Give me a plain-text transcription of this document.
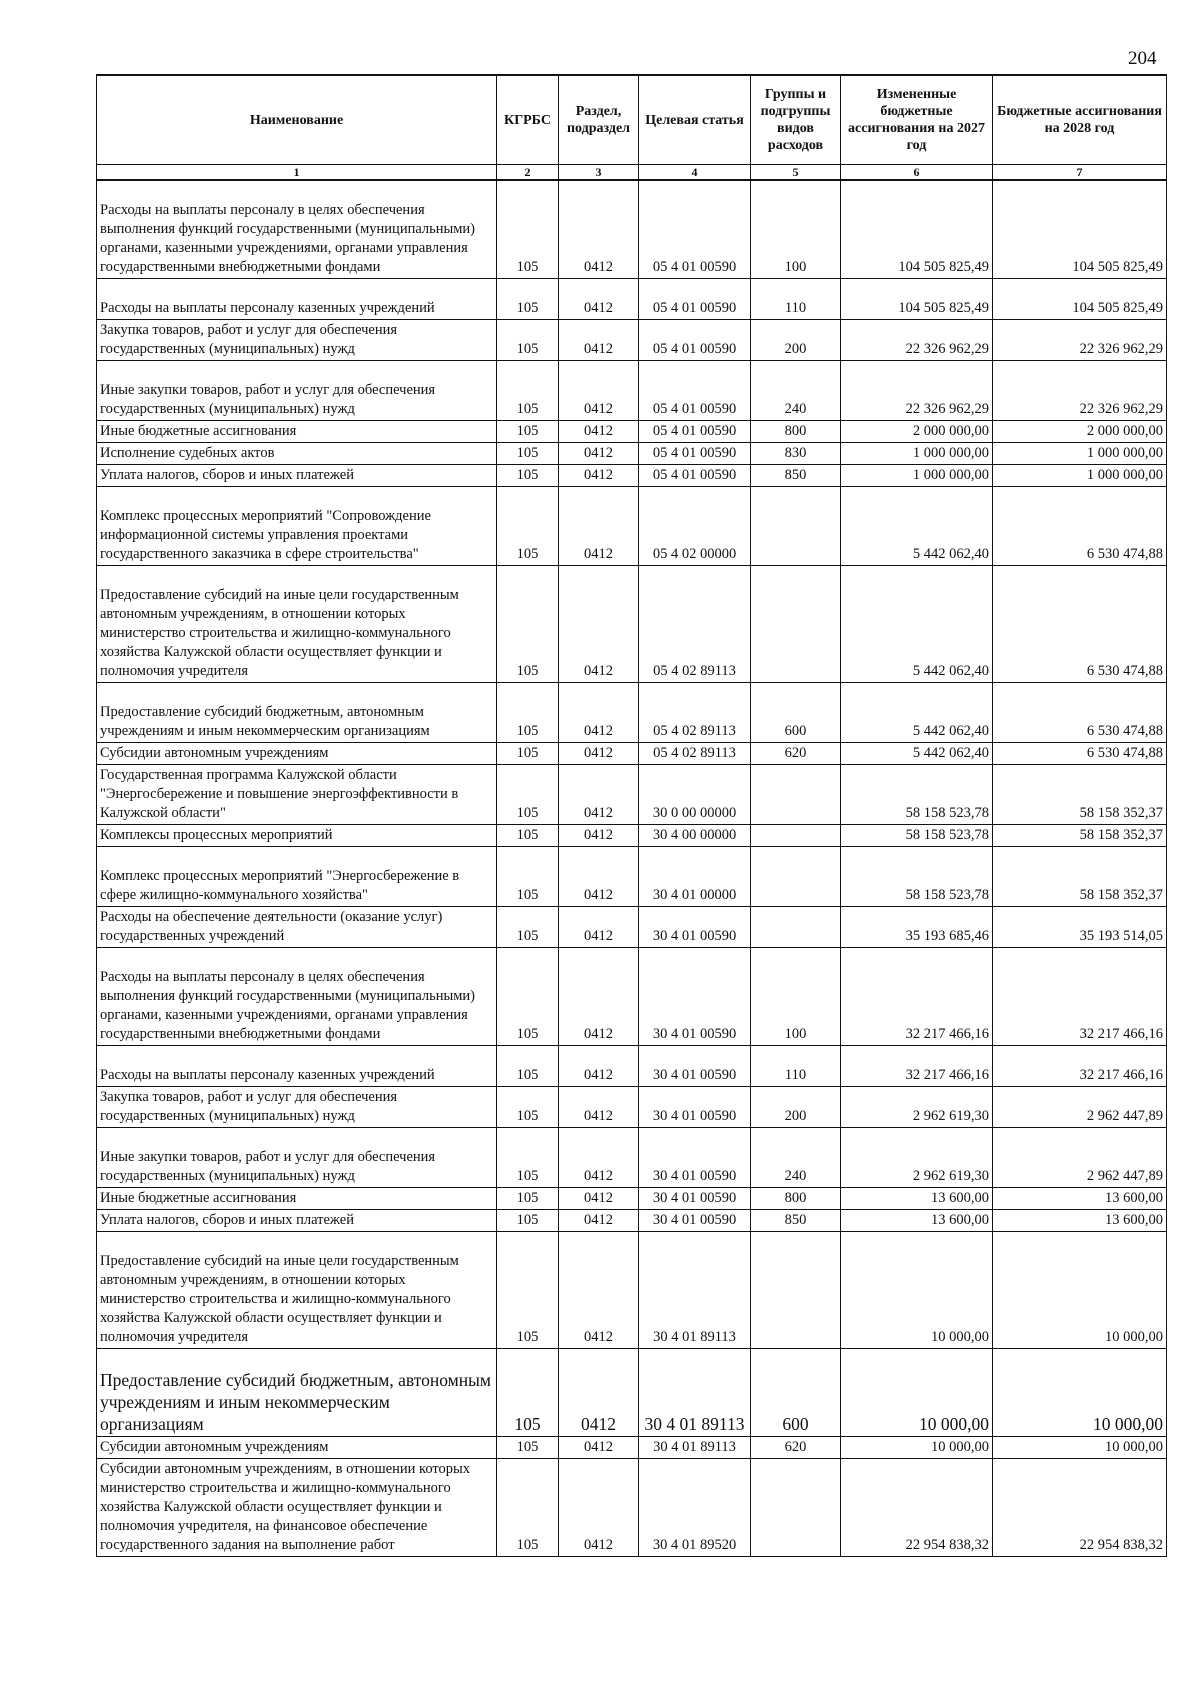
204
Наименование	КГРБС	Раздел, подраздел	Целевая статья	Группы и подгруппы видов расходов	Измененные бюджетные ассигнования на 2027 год	Бюджетные ассигнования на 2028 год
1	2	3	4	5	6	7
Расходы на выплаты персоналу в целях обеспечения выполнения функций государственными (муниципальными) органами, казенными учреждениями, органами управления государственными внебюджетными фондами	105	0412	05 4 01 00590	100	104 505 825,49	104 505 825,49
Расходы на выплаты персоналу казенных учреждений	105	0412	05 4 01 00590	110	104 505 825,49	104 505 825,49
Закупка товаров, работ и услуг для обеспечения государственных (муниципальных) нужд	105	0412	05 4 01 00590	200	22 326 962,29	22 326 962,29
Иные закупки товаров, работ и услуг для обеспечения государственных (муниципальных) нужд	105	0412	05 4 01 00590	240	22 326 962,29	22 326 962,29
Иные бюджетные ассигнования	105	0412	05 4 01 00590	800	2 000 000,00	2 000 000,00
Исполнение судебных актов	105	0412	05 4 01 00590	830	1 000 000,00	1 000 000,00
Уплата налогов, сборов и иных платежей	105	0412	05 4 01 00590	850	1 000 000,00	1 000 000,00
Комплекс процессных мероприятий "Сопровождение информационной системы управления проектами государственного заказчика в сфере строительства"	105	0412	05 4 02 00000		5 442 062,40	6 530 474,88
Предоставление субсидий на иные цели государственным автономным учреждениям, в отношении которых министерство строительства и жилищно-коммунального хозяйства Калужской области осуществляет функции и полномочия учредителя	105	0412	05 4 02 89113		5 442 062,40	6 530 474,88
Предоставление субсидий бюджетным, автономным учреждениям и иным некоммерческим организациям	105	0412	05 4 02 89113	600	5 442 062,40	6 530 474,88
Субсидии автономным учреждениям	105	0412	05 4 02 89113	620	5 442 062,40	6 530 474,88
Государственная программа Калужской области "Энергосбережение и повышение энергоэффективности в Калужской области"	105	0412	30 0 00 00000		58 158 523,78	58 158 352,37
Комплексы процессных мероприятий	105	0412	30 4 00 00000		58 158 523,78	58 158 352,37
Комплекс процессных мероприятий "Энергосбережение в сфере жилищно-коммунального хозяйства"	105	0412	30 4 01 00000		58 158 523,78	58 158 352,37
Расходы на обеспечение деятельности (оказание услуг) государственных учреждений	105	0412	30 4 01 00590		35 193 685,46	35 193 514,05
Расходы на выплаты персоналу в целях обеспечения выполнения функций государственными (муниципальными) органами, казенными учреждениями, органами управления государственными внебюджетными фондами	105	0412	30 4 01 00590	100	32 217 466,16	32 217 466,16
Расходы на выплаты персоналу казенных учреждений	105	0412	30 4 01 00590	110	32 217 466,16	32 217 466,16
Закупка товаров, работ и услуг для обеспечения государственных (муниципальных) нужд	105	0412	30 4 01 00590	200	2 962 619,30	2 962 447,89
Иные закупки товаров, работ и услуг для обеспечения государственных (муниципальных) нужд	105	0412	30 4 01 00590	240	2 962 619,30	2 962 447,89
Иные бюджетные ассигнования	105	0412	30 4 01 00590	800	13 600,00	13 600,00
Уплата налогов, сборов и иных платежей	105	0412	30 4 01 00590	850	13 600,00	13 600,00
Предоставление субсидий на иные цели государственным автономным учреждениям, в отношении которых министерство строительства и жилищно-коммунального хозяйства Калужской области осуществляет функции и полномочия учредителя	105	0412	30 4 01 89113		10 000,00	10 000,00
Предоставление субсидий бюджетным, автономным учреждениям и иным некоммерческим организациям	105	0412	30 4 01 89113	600	10 000,00	10 000,00
Субсидии автономным учреждениям	105	0412	30 4 01 89113	620	10 000,00	10 000,00
Субсидии автономным учреждениям, в отношении которых министерство строительства и жилищно-коммунального хозяйства Калужской области осуществляет функции и полномочия учредителя, на финансовое обеспечение государственного задания на выполнение работ	105	0412	30 4 01 89520		22 954 838,32	22 954 838,32
